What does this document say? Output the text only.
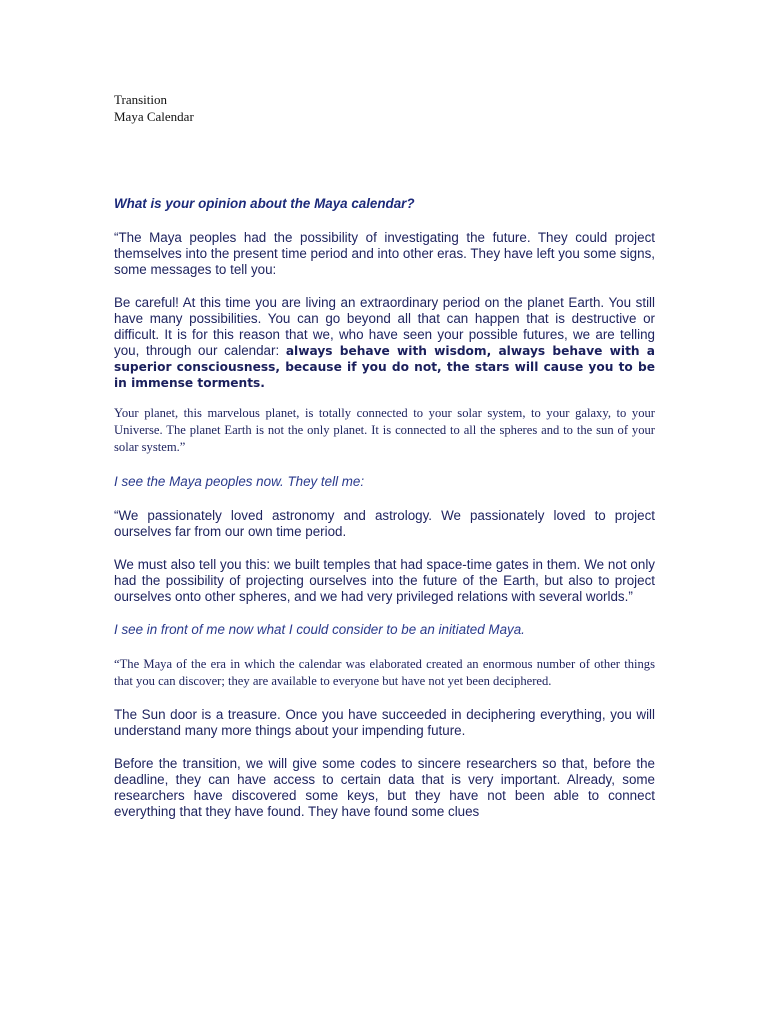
Transition

Maya Calendar

What is your opinion about the Maya calendar?

“The Maya peoples had the possibility of investigating the future. They could project themselves into the present time period and into other eras. They have left you some signs, some messages to tell you:

Be careful! At this time you are living an extraordinary period on the planet Earth. You still have many possibilities. You can go beyond all that can happen that is destructive or difficult. It is for this reason that we, who have seen your possible futures, we are telling you, through our calendar: always behave with wisdom, always behave with a superior consciousness, because if you do not, the stars will cause you to be in immense torments.

Your planet, this marvelous planet, is totally connected to your solar system, to your galaxy, to your Universe. The planet Earth is not the only planet. It is connected to all the spheres and to the sun of your solar system.”

I see the Maya peoples now. They tell me:

“We passionately loved astronomy and astrology. We passionately loved to project ourselves far from our own time period.

We must also tell you this: we built temples that had space-time gates in them. We not only had the possibility of projecting ourselves into the future of the Earth, but also to project ourselves onto other spheres, and we had very privileged relations with several worlds.”

I see in front of me now what I could consider to be an initiated Maya.

“The Maya of the era in which the calendar was elaborated created an enormous number of other things that you can discover; they are available to everyone but have not yet been deciphered.

The Sun door is a treasure. Once you have succeeded in deciphering everything, you will understand many more things about your impending future.

Before the transition, we will give some codes to sincere researchers so that, before the deadline, they can have access to certain data that is very important. Already, some researchers have discovered some keys, but they have not been able to connect everything that they have found. They have found some clues
